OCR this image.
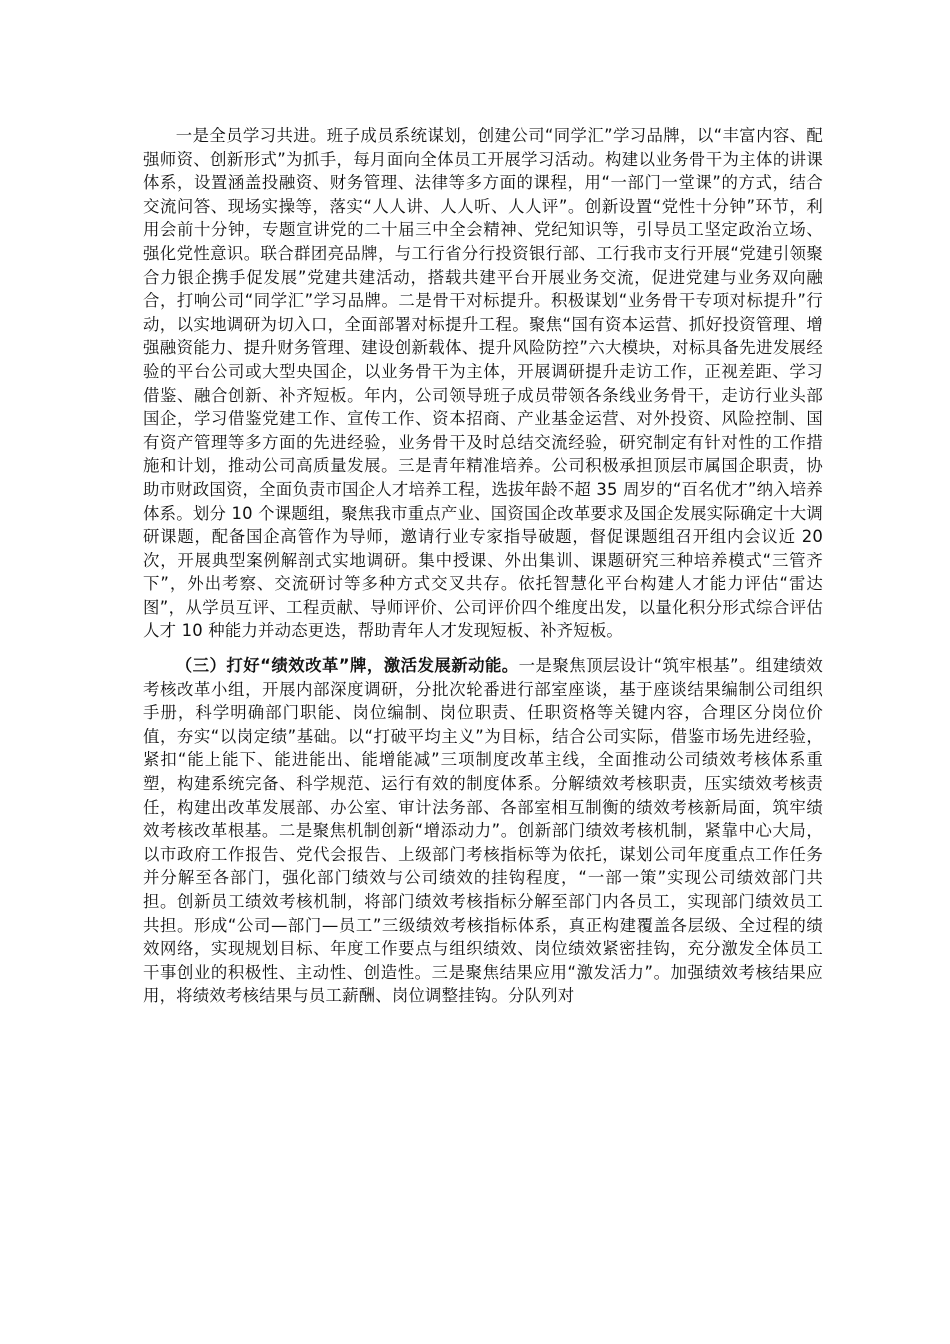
一是全员学习共进。班子成员系统谋划，创建公司“同学汇”学习品牌，以“丰富内容、配强师资、创新形式”为抓手，每月面向全体员工开展学习活动。构建以业务骨干为主体的讲课体系，设置涵盖投融资、财务管理、法律等多方面的课程，用“一部门一堂课”的方式，结合交流问答、现场实操等，落实“人人讲、人人听、人人评”。创新设置“党性十分钟”环节，利用会前十分钟，专题宣讲党的二十届三中全会精神、党纪知识等，引导员工坚定政治立场、强化党性意识。联合群团亮品牌，与工行省分行投资银行部、工行我市支行开展“党建引领聚合力银企携手促发展”党建共建活动，搭载共建平台开展业务交流，促进党建与业务双向融合，打响公司“同学汇”学习品牌。二是骨干对标提升。积极谋划“业务骨干专项对标提升”行动，以实地调研为切入口，全面部署对标提升工程。聚焦“国有资本运营、抓好投资管理、增强融资能力、提升财务管理、建设创新载体、提升风险防控”六大模块，对标具备先进发展经验的平台公司或大型央国企，以业务骨干为主体，开展调研提升走访工作，正视差距、学习借鉴、融合创新、补齐短板。年内，公司领导班子成员带领各条线业务骨干，走访行业头部国企，学习借鉴党建工作、宣传工作、资本招商、产业基金运营、对外投资、风险控制、国有资产管理等多方面的先进经验，业务骨干及时总结交流经验，研究制定有针对性的工作措施和计划，推动公司高质量发展。三是青年精准培养。公司积极承担顶层市属国企职责，协助市财政国资，全面负责市国企人才培养工程，选拔年龄不超 35 周岁的“百名优才”纳入培养体系。划分 10 个课题组，聚焦我市重点产业、国资国企改革要求及国企发展实际确定十大调研课题，配备国企高管作为导师，邀请行业专家指导破题，督促课题组召开组内会议近 20 次，开展典型案例解剖式实地调研。集中授课、外出集训、课题研究三种培养模式“三管齐下”，外出考察、交流研讨等多种方式交叉共存。依托智慧化平台构建人才能力评估“雷达图”，从学员互评、工程贡献、导师评价、公司评价四个维度出发，以量化积分形式综合评估人才 10 种能力并动态更迭，帮助青年人才发现短板、补齐短板。

（三）打好“绩效改革”牌，激活发展新动能。一是聚焦顶层设计“筑牢根基”。组建绩效考核改革小组，开展内部深度调研，分批次轮番进行部室座谈，基于座谈结果编制公司组织手册，科学明确部门职能、岗位编制、岗位职责、任职资格等关键内容，合理区分岗位价值，夯实“以岗定绩”基础。以“打破平均主义”为目标，结合公司实际，借鉴市场先进经验，紧扣“能上能下、能进能出、能增能减”三项制度改革主线，全面推动公司绩效考核体系重塑，构建系统完备、科学规范、运行有效的制度体系。分解绩效考核职责，压实绩效考核责任，构建出改革发展部、办公室、审计法务部、各部室相互制衡的绩效考核新局面，筑牢绩效考核改革根基。二是聚焦机制创新“增添动力”。创新部门绩效考核机制，紧靠中心大局，以市政府工作报告、党代会报告、上级部门考核指标等为依托，谋划公司年度重点工作任务并分解至各部门，强化部门绩效与公司绩效的挂钩程度，“一部一策”实现公司绩效部门共担。创新员工绩效考核机制，将部门绩效考核指标分解至部门内各员工，实现部门绩效员工共担。形成“公司—部门—员工”三级绩效考核指标体系，真正构建覆盖各层级、全过程的绩效网络，实现规划目标、年度工作要点与组织绩效、岗位绩效紧密挂钩，充分激发全体员工干事创业的积极性、主动性、创造性。三是聚焦结果应用“激发活力”。加强绩效考核结果应用，将绩效考核结果与员工薪酬、岗位调整挂钩。分队列对
